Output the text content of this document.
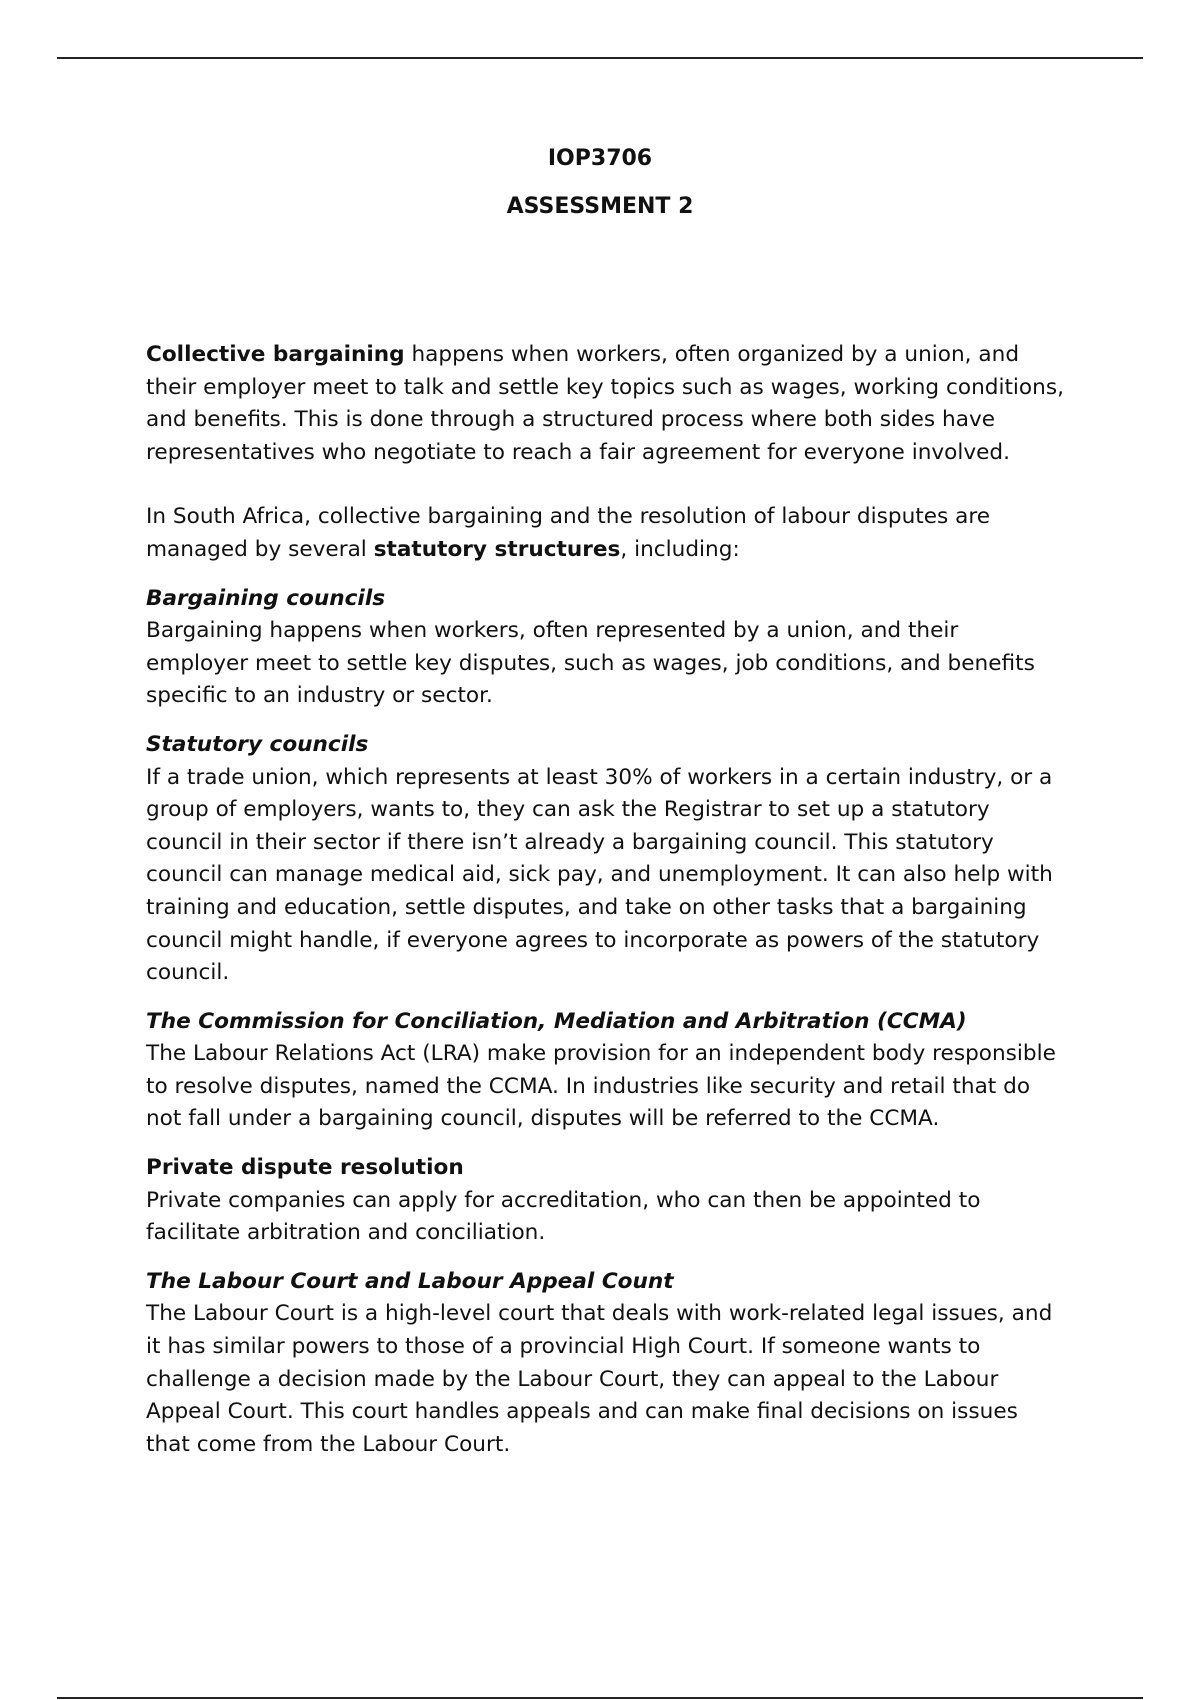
IOP3706
ASSESSMENT 2

Collective bargaining happens when workers, often organized by a union, and their employer meet to talk and settle key topics such as wages, working conditions, and benefits. This is done through a structured process where both sides have representatives who negotiate to reach a fair agreement for everyone involved.

In South Africa, collective bargaining and the resolution of labour disputes are managed by several statutory structures, including:

Bargaining councils

Bargaining happens when workers, often represented by a union, and their employer meet to settle key disputes, such as wages, job conditions, and benefits specific to an industry or sector.

Statutory councils

If a trade union, which represents at least 30% of workers in a certain industry, or a group of employers, wants to, they can ask the Registrar to set up a statutory council in their sector if there isn’t already a bargaining council. This statutory council can manage medical aid, sick pay, and unemployment. It can also help with training and education, settle disputes, and take on other tasks that a bargaining council might handle, if everyone agrees to incorporate as powers of the statutory council.

The Commission for Conciliation, Mediation and Arbitration (CCMA)

The Labour Relations Act (LRA) make provision for an independent body responsible to resolve disputes, named the CCMA. In industries like security and retail that do not fall under a bargaining council, disputes will be referred to the CCMA.

Private dispute resolution

Private companies can apply for accreditation, who can then be appointed to facilitate arbitration and conciliation.

The Labour Court and Labour Appeal Count

The Labour Court is a high-level court that deals with work-related legal issues, and it has similar powers to those of a provincial High Court. If someone wants to challenge a decision made by the Labour Court, they can appeal to the Labour Appeal Court. This court handles appeals and can make final decisions on issues that come from the Labour Court.
